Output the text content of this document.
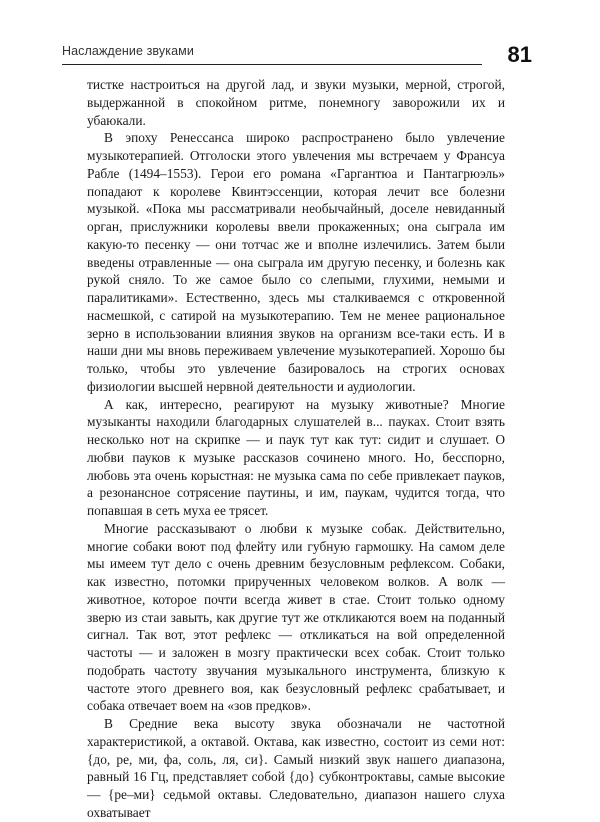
Наслаждение звуками	81

тистке настроиться на другой лад, и звуки музыки, мерной, строгой, выдержанной в спокойном ритме, понемногу заворожили их и убаюкали.

В эпоху Ренессанса широко распространено было увлечение музыкотерапией. Отголоски этого увлечения мы встречаем у Франсуа Рабле (1494–1553). Герои его романа «Гаргантюа и Пантагрюэль» попадают к королеве Квинтэссенции, которая лечит все болезни музыкой. «Пока мы рассматривали необычайный, доселе невиданный орган, прислужники королевы ввели прокаженных; она сыграла им какую-то песенку — они тотчас же и вполне излечились. Затем были введены отравленные — она сыграла им другую песенку, и болезнь как рукой сняло. То же самое было со слепыми, глухими, немыми и паралитиками». Естественно, здесь мы сталкиваемся с откровенной насмешкой, с сатирой на музыкотерапию. Тем не менее рациональное зерно в использовании влияния звуков на организм все-таки есть. И в наши дни мы вновь переживаем увлечение музыкотерапией. Хорошо бы только, чтобы это увлечение базировалось на строгих основах физиологии высшей нервной деятельности и аудиологии.

А как, интересно, реагируют на музыку животные? Многие музыканты находили благодарных слушателей в... пауках. Стоит взять несколько нот на скрипке — и паук тут как тут: сидит и слушает. О любви пауков к музыке рассказов сочинено много. Но, бесспорно, любовь эта очень корыстная: не музыка сама по себе привлекает пауков, а резонансное сотрясение паутины, и им, паукам, чудится тогда, что попавшая в сеть муха ее трясет.

Многие рассказывают о любви к музыке собак. Действительно, многие собаки воют под флейту или губную гармошку. На самом деле мы имеем тут дело с очень древним безусловным рефлексом. Собаки, как известно, потомки прирученных человеком волков. А волк — животное, которое почти всегда живет в стае. Стоит только одному зверю из стаи завыть, как другие тут же откликаются воем на поданный сигнал. Так вот, этот рефлекс — откликаться на вой определенной частоты — и заложен в мозгу практически всех собак. Стоит только подобрать частоту звучания музыкального инструмента, близкую к частоте этого древнего воя, как безусловный рефлекс срабатывает, и собака отвечает воем на «зов предков».

В Средние века высоту звука обозначали не частотной характеристикой, а октавой. Октава, как известно, состоит из семи нот: {до, ре, ми, фа, соль, ля, си}. Самый низкий звук нашего диапазона, равный 16 Гц, представляет собой {до} субконтроктавы, самые высокие — {ре–ми} седьмой октавы. Следовательно, диапазон нашего слуха охватывает
